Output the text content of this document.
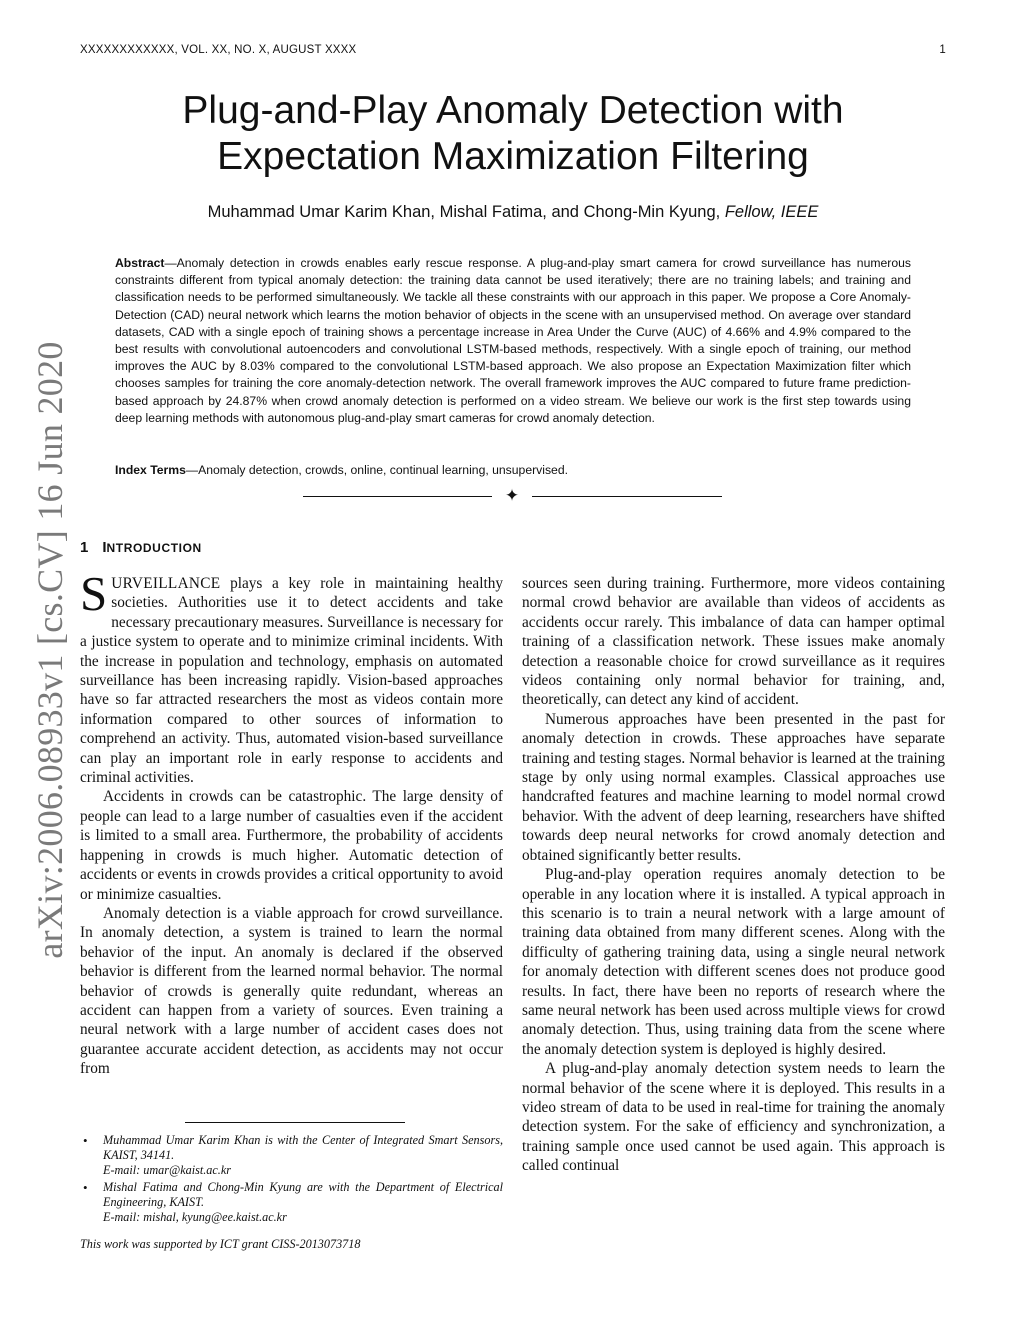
XXXXXXXXXXXX, VOL. XX, NO. X, AUGUST XXXX	1
arXiv:2006.08933v1 [cs.CV] 16 Jun 2020
Plug-and-Play Anomaly Detection with
Expectation Maximization Filtering
Muhammad Umar Karim Khan, Mishal Fatima, and Chong-Min Kyung, Fellow, IEEE
Abstract—Anomaly detection in crowds enables early rescue response. A plug-and-play smart camera for crowd surveillance has numerous constraints different from typical anomaly detection: the training data cannot be used iteratively; there are no training labels; and training and classification needs to be performed simultaneously. We tackle all these constraints with our approach in this paper. We propose a Core Anomaly-Detection (CAD) neural network which learns the motion behavior of objects in the scene with an unsupervised method. On average over standard datasets, CAD with a single epoch of training shows a percentage increase in Area Under the Curve (AUC) of 4.66% and 4.9% compared to the best results with convolutional autoencoders and convolutional LSTM-based methods, respectively. With a single epoch of training, our method improves the AUC by 8.03% compared to the convolutional LSTM-based approach. We also propose an Expectation Maximization filter which chooses samples for training the core anomaly-detection network. The overall framework improves the AUC compared to future frame prediction-based approach by 24.87% when crowd anomaly detection is performed on a video stream. We believe our work is the first step towards using deep learning methods with autonomous plug-and-play smart cameras for crowd anomaly detection.
Index Terms—Anomaly detection, crowds, online, continual learning, unsupervised.
✦
1 INTRODUCTION

SURVEILLANCE plays a key role in maintaining healthy societies. Authorities use it to detect accidents and take necessary precautionary measures. Surveillance is necessary for a justice system to operate and to minimize criminal incidents. With the increase in population and technology, emphasis on automated surveillance has been increasing rapidly. Vision-based approaches have so far attracted researchers the most as videos contain more information compared to other sources of information to comprehend an activity. Thus, automated vision-based surveillance can play an important role in early response to accidents and criminal activities.

Accidents in crowds can be catastrophic. The large density of people can lead to a large number of casualties even if the accident is limited to a small area. Furthermore, the probability of accidents happening in crowds is much higher. Automatic detection of accidents or events in crowds provides a critical opportunity to avoid or minimize casualties.

Anomaly detection is a viable approach for crowd surveillance. In anomaly detection, a system is trained to learn the normal behavior of the input. An anomaly is declared if the observed behavior is different from the learned normal behavior. The normal behavior of crowds is generally quite redundant, whereas an accident can happen from a variety of sources. Even training a neural network with a large number of accident cases does not guarantee accurate accident detection, as accidents may not occur from

sources seen during training. Furthermore, more videos containing normal crowd behavior are available than videos of accidents as accidents occur rarely. This imbalance of data can hamper optimal training of a classification network. These issues make anomaly detection a reasonable choice for crowd surveillance as it requires videos containing only normal behavior for training, and, theoretically, can detect any kind of accident.

Numerous approaches have been presented in the past for anomaly detection in crowds. These approaches have separate training and testing stages. Normal behavior is learned at the training stage by only using normal examples. Classical approaches use handcrafted features and machine learning to model normal crowd behavior. With the advent of deep learning, researchers have shifted towards deep neural networks for crowd anomaly detection and obtained significantly better results.

Plug-and-play operation requires anomaly detection to be operable in any location where it is installed. A typical approach in this scenario is to train a neural network with a large amount of training data obtained from many different scenes. Along with the difficulty of gathering training data, using a single neural network for anomaly detection with different scenes does not produce good results. In fact, there have been no reports of research where the same neural network has been used across multiple views for crowd anomaly detection. Thus, using training data from the scene where the anomaly detection system is deployed is highly desired.

A plug-and-play anomaly detection system needs to learn the normal behavior of the scene where it is deployed. This results in a video stream of data to be used in real-time for training the anomaly detection system. For the sake of efficiency and synchronization, a training sample once used cannot be used again. This approach is called continual

• Muhammad Umar Karim Khan is with the Center of Integrated Smart Sensors, KAIST, 34141.
E-mail: umar@kaist.ac.kr
• Mishal Fatima and Chong-Min Kyung are with the Department of Electrical Engineering, KAIST.
E-mail: mishal, kyung@ee.kaist.ac.kr
This work was supported by ICT grant CISS-2013073718
